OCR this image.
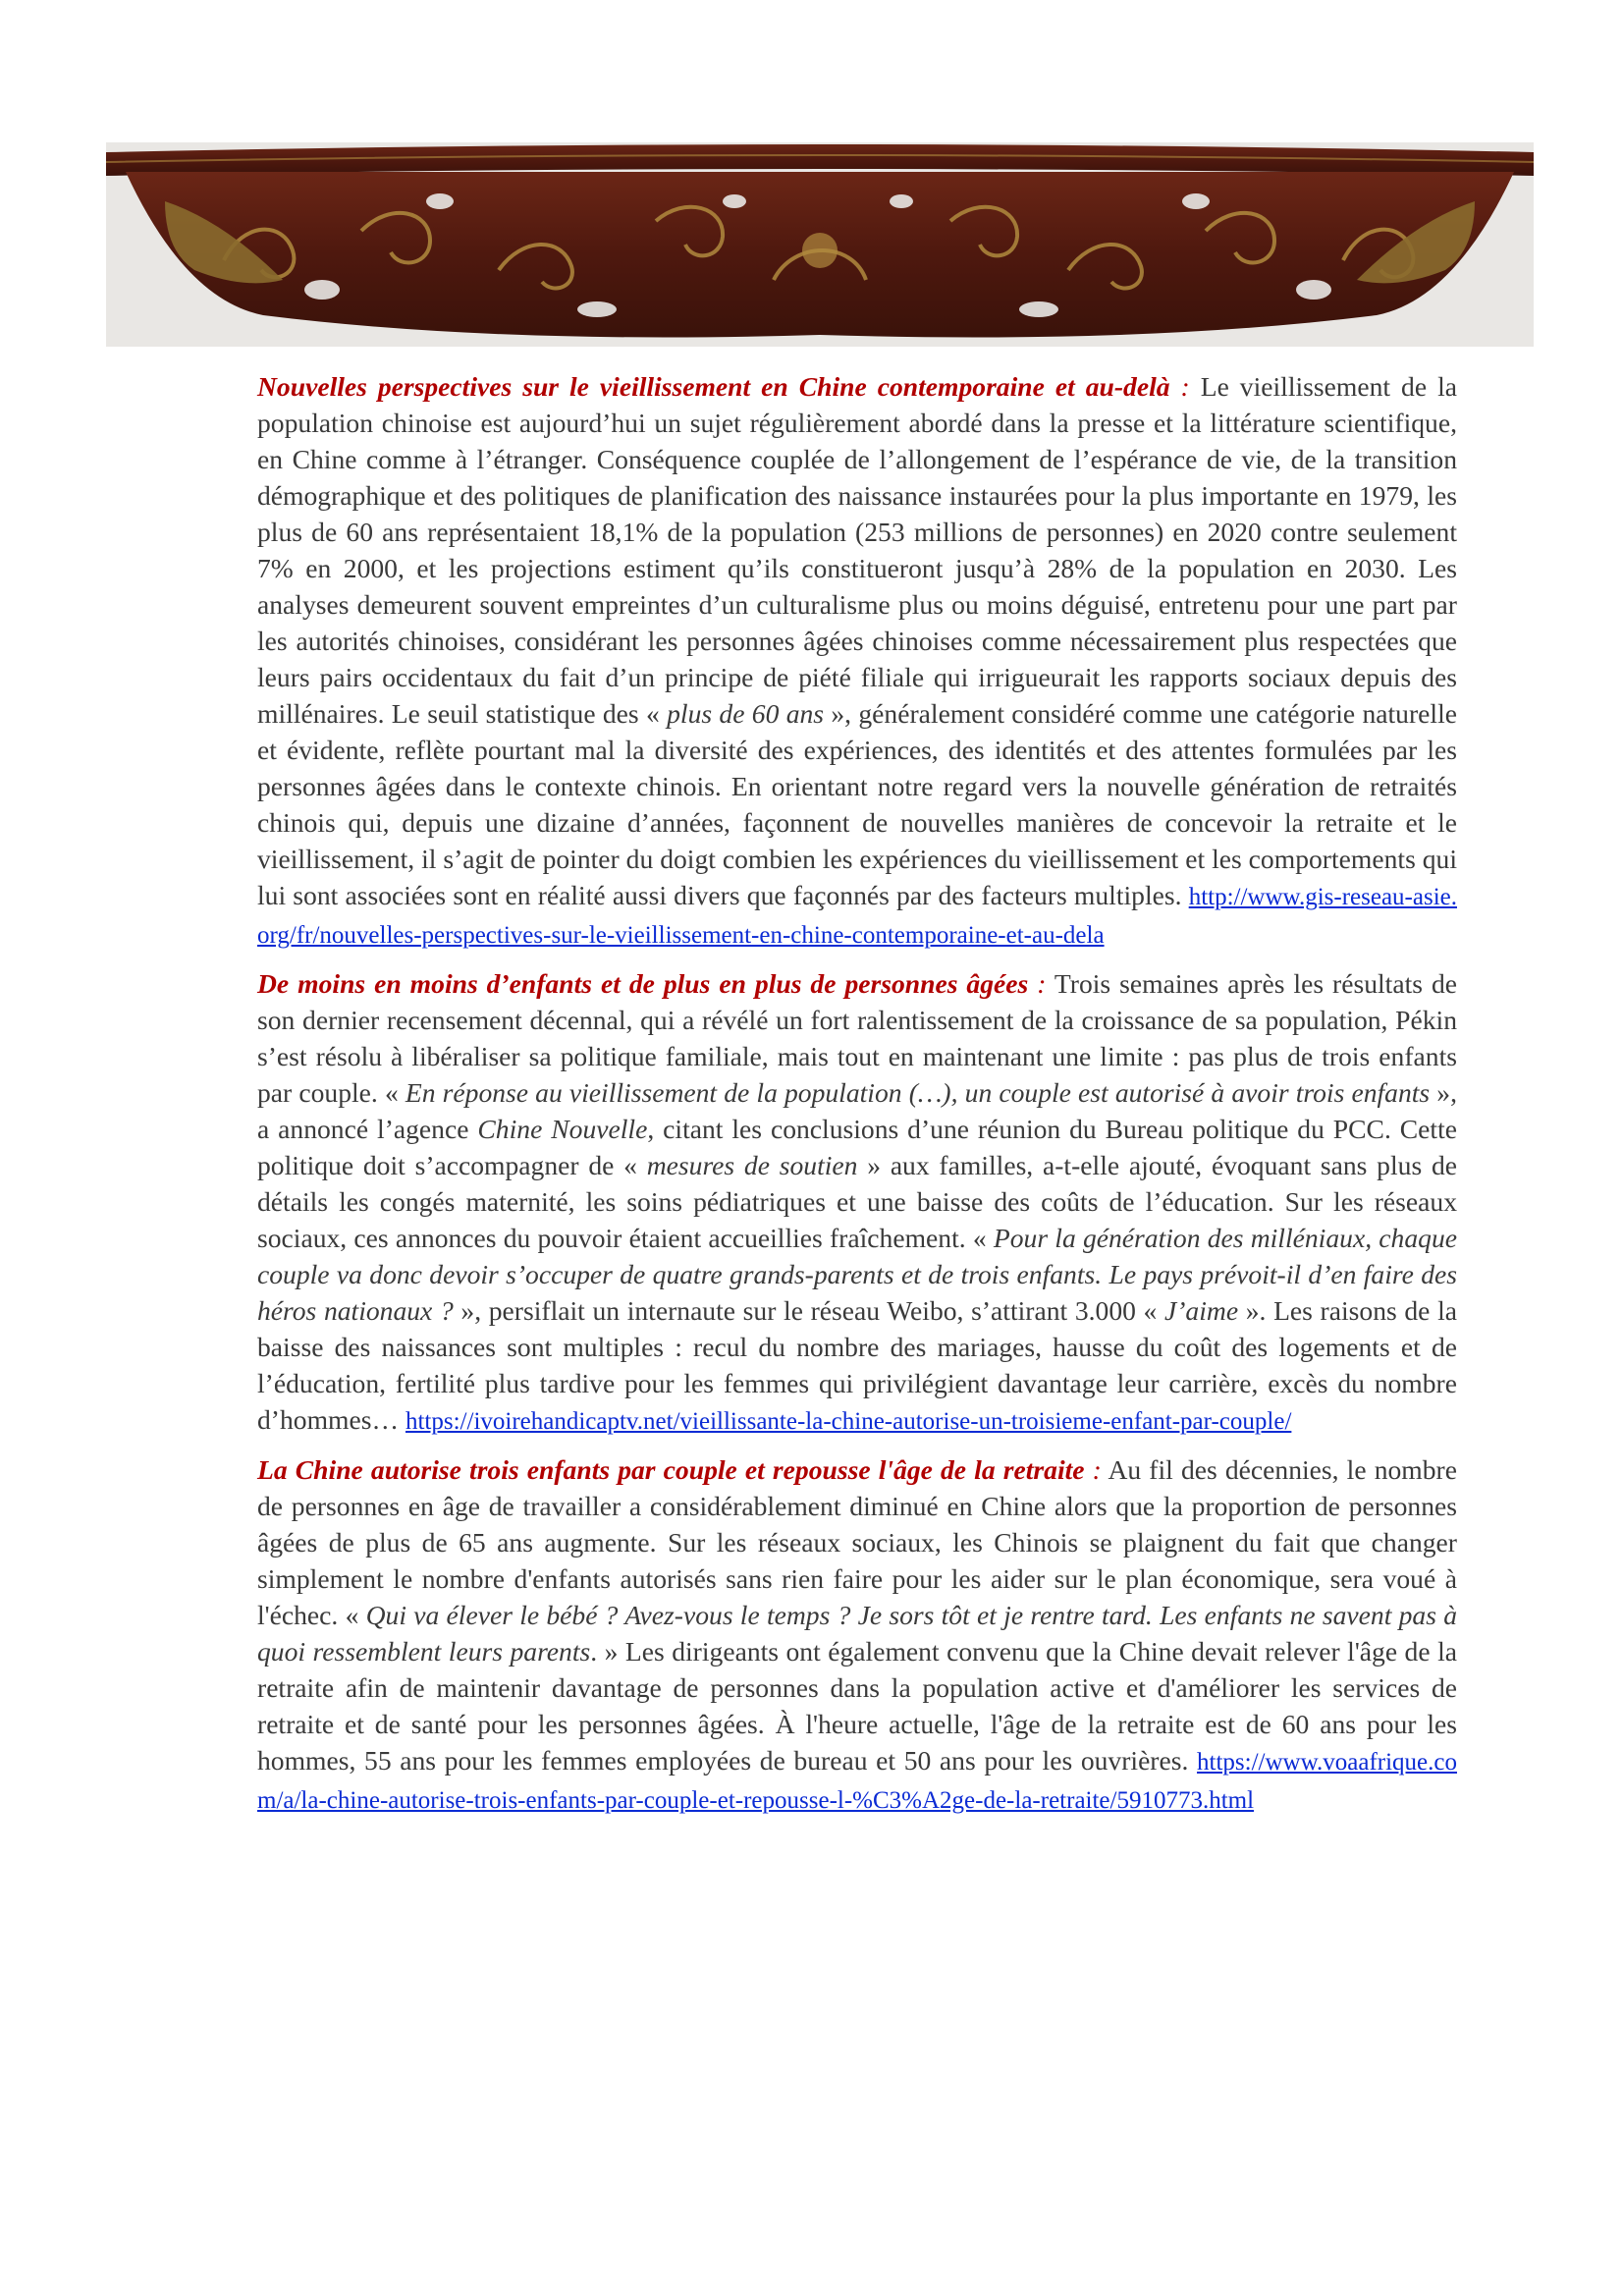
Nouvelles perspectives sur le vieillissement en Chine contemporaine et au-delà : Le vieillissement de la population chinoise est aujourd’hui un sujet régulièrement abordé dans la presse et la littérature scientifique, en Chine comme à l’étranger. Conséquence couplée de l’allongement de l’espérance de vie, de la transition démographique et des politiques de planification des naissance instaurées pour la plus importante en 1979, les plus de 60 ans représentaient 18,1% de la population (253 millions de personnes) en 2020 contre seulement 7% en 2000, et les projections estiment qu’ils constitueront jusqu’à 28% de la population en 2030. Les analyses demeurent souvent empreintes d’un culturalisme plus ou moins déguisé, entretenu pour une part par les autorités chinoises, considérant les personnes âgées chinoises comme nécessairement plus respectées que leurs pairs occidentaux du fait d’un principe de piété filiale qui irrigueurait les rapports sociaux depuis des millénaires. Le seuil statistique des « plus de 60 ans », généralement considéré comme une catégorie naturelle et évidente, reflète pourtant mal la diversité des expériences, des identités et des attentes formulées par les personnes âgées dans le contexte chinois. En orientant notre regard vers la nouvelle génération de retraités chinois qui, depuis une dizaine d’années, façonnent de nouvelles manières de concevoir la retraite et le vieillissement, il s’agit de pointer du doigt combien les expériences du vieillissement et les comportements qui lui sont associées sont en réalité aussi divers que façonnés par des facteurs multiples. http://www.gis-reseau-asie.org/fr/nouvelles-perspectives-sur-le-vieillissement-en-chine-contemporaine-et-au-dela

De moins en moins d’enfants et de plus en plus de personnes âgées : Trois semaines après les résultats de son dernier recensement décennal, qui a révélé un fort ralentissement de la croissance de sa population, Pékin s’est résolu à libéraliser sa politique familiale, mais tout en maintenant une limite : pas plus de trois enfants par couple. « En réponse au vieillissement de la population (…), un couple est autorisé à avoir trois enfants », a annoncé l’agence Chine Nouvelle, citant les conclusions d’une réunion du Bureau politique du PCC. Cette politique doit s’accompagner de « mesures de soutien » aux familles, a-t-elle ajouté, évoquant sans plus de détails les congés maternité, les soins pédiatriques et une baisse des coûts de l’éducation. Sur les réseaux sociaux, ces annonces du pouvoir étaient accueillies fraîchement. « Pour la génération des milléniaux, chaque couple va donc devoir s’occuper de quatre grands-parents et de trois enfants. Le pays prévoit-il d’en faire des héros nationaux ? », persiflait un internaute sur le réseau Weibo, s’attirant 3.000 « J’aime ». Les raisons de la baisse des naissances sont multiples : recul du nombre des mariages, hausse du coût des logements et de l’éducation, fertilité plus tardive pour les femmes qui privilégient davantage leur carrière, excès du nombre d’hommes… https://ivoirehandicaptv.net/vieillissante-la-chine-autorise-un-troisieme-enfant-par-couple/

La Chine autorise trois enfants par couple et repousse l'âge de la retraite : Au fil des décennies, le nombre de personnes en âge de travailler a considérablement diminué en Chine alors que la proportion de personnes âgées de plus de 65 ans augmente. Sur les réseaux sociaux, les Chinois se plaignent du fait que changer simplement le nombre d'enfants autorisés sans rien faire pour les aider sur le plan économique, sera voué à l'échec. « Qui va élever le bébé ? Avez-vous le temps ? Je sors tôt et je rentre tard. Les enfants ne savent pas à quoi ressemblent leurs parents. » Les dirigeants ont également convenu que la Chine devait relever l'âge de la retraite afin de maintenir davantage de personnes dans la population active et d'améliorer les services de retraite et de santé pour les personnes âgées. À l'heure actuelle, l'âge de la retraite est de 60 ans pour les hommes, 55 ans pour les femmes employées de bureau et 50 ans pour les ouvrières. https://www.voaafrique.com/a/la-chine-autorise-trois-enfants-par-couple-et-repousse-l-%C3%A2ge-de-la-retraite/5910773.html
